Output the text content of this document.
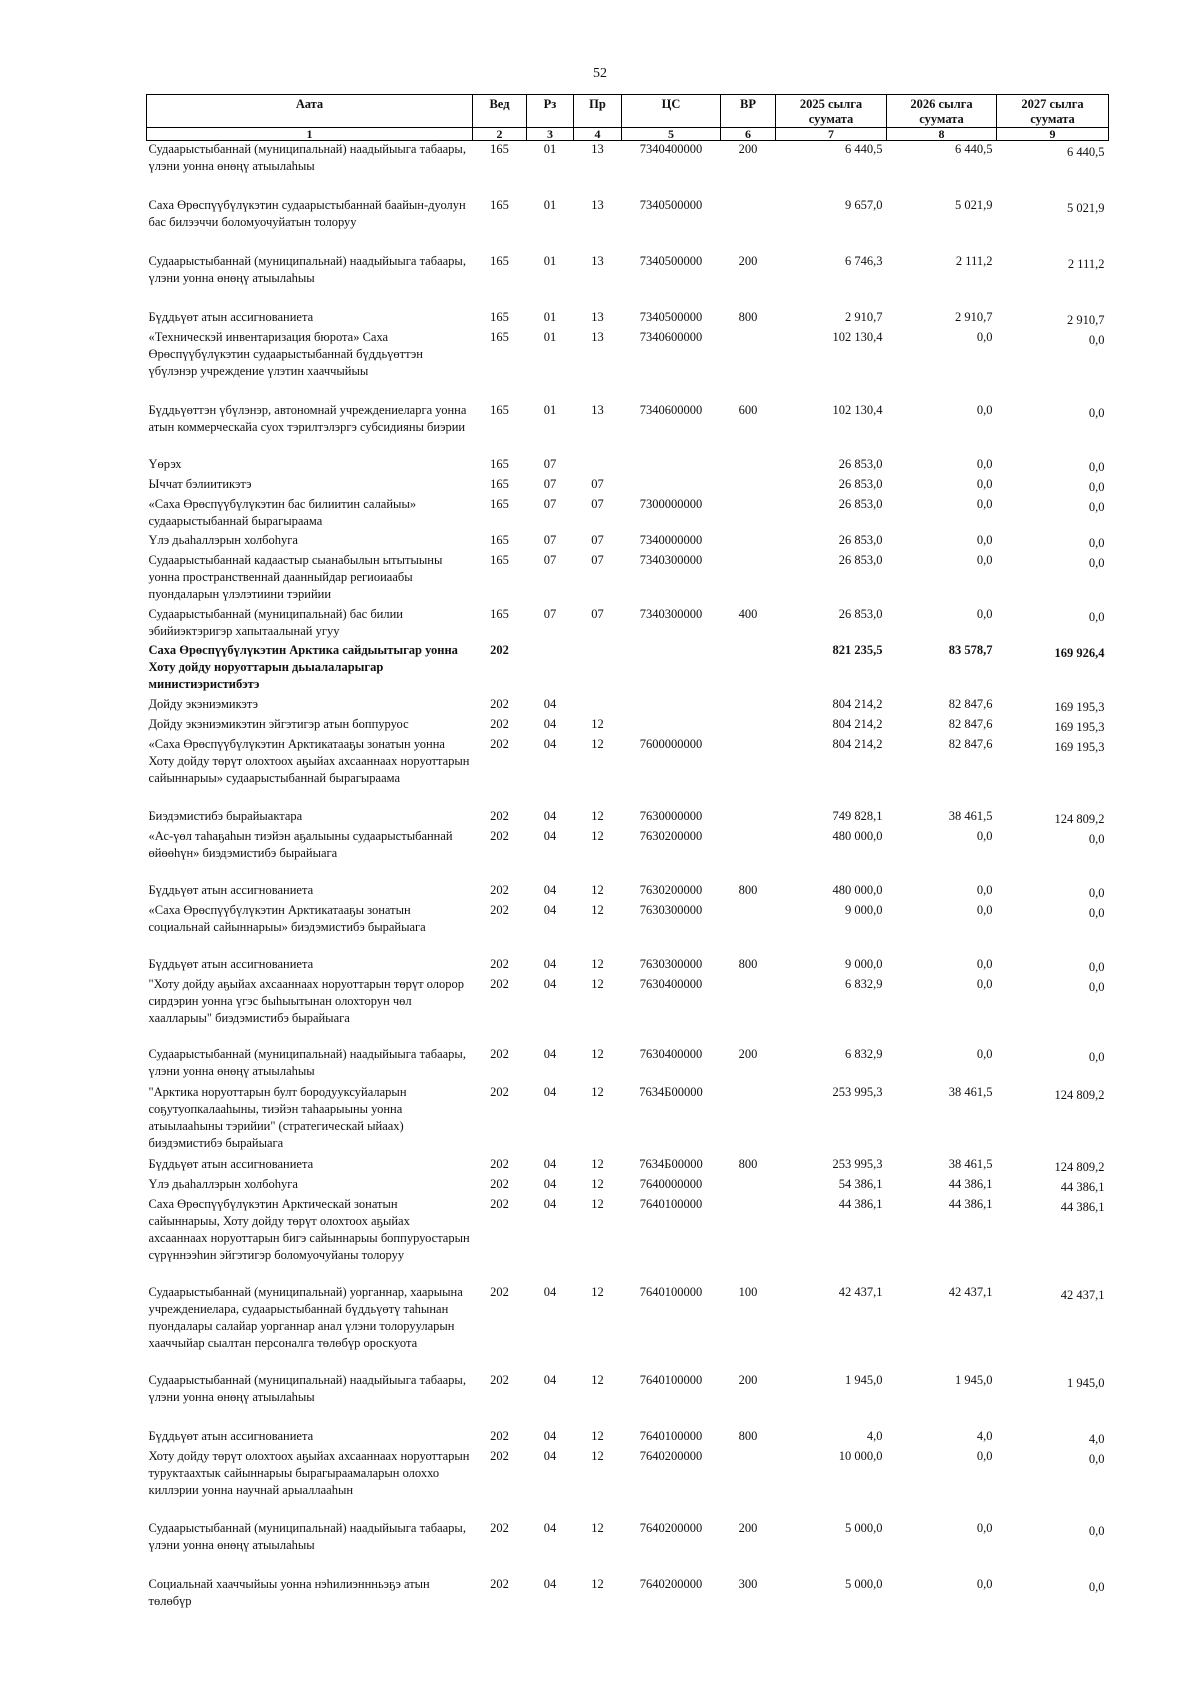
52
Аата	Вед	Рз	Пр	ЦС	ВР	2025 сылга суумата	2026 сылга суумата	2027 сылга суумата
1	2	3	4	5	6	7	8	9
Судаарыстыбаннай (муниципальнай) наадыйыыга табаары, үлэни уонна өнөңү атыылаһыы	165	01	13	7340400000	200	6 440,5	6 440,5	6 440,5
Саха Өрөспүүбүлүкэтин судаарыстыбаннай баайын-дуолун бас билээччи боломуочуйатын толоруу	165	01	13	7340500000		9 657,0	5 021,9	5 021,9
Судаарыстыбаннай (муниципальнай) наадыйыыга табаары, үлэни уонна өнөңү атыылаһыы	165	01	13	7340500000	200	6 746,3	2 111,2	2 111,2
Бүддьүөт атын ассигнованиета	165	01	13	7340500000	800	2 910,7	2 910,7	2 910,7
«Техническэй инвентаризация бюрота» Саха Өрөспүүбүлүкэтин судаарыстыбаннай бүддьүөттэн үбүлэнэр учреждение үлэтин хааччыйыы	165	01	13	7340600000		102 130,4	0,0	0,0
Бүддьүөттэн үбүлэнэр, автономнай учреждениеларга уонна атын коммерческайа суох тэрилтэлэргэ субсидияны биэрии	165	01	13	7340600000	600	102 130,4	0,0	0,0
Үөрэх	165	07				26 853,0	0,0	0,0
Ыччат бэлиитикэтэ	165	07	07			26 853,0	0,0	0,0
«Саха Өрөспүүбүлүкэтин бас билиитин салайыы» судаарыстыбаннай бырагыраама	165	07	07	7300000000		26 853,0	0,0	0,0
Үлэ дьаһаллэрын холбоһуга	165	07	07	7340000000		26 853,0	0,0	0,0
Судаарыстыбаннай кадаастыр сыанабылын ытытыыны уонна пространственнай даанныйдар региоиаабы пуондаларын үлэлэтиини тэрийии	165	07	07	7340300000		26 853,0	0,0	0,0
Судаарыстыбаннай (муниципальнай) бас билии эбийиэктэригэр хапытаалынай угуу	165	07	07	7340300000	400	26 853,0	0,0	0,0
Саха Өрөспүүбүлүкэтин Арктика сайдыытыгар уонна Хоту дойду норуоттарын дьыалаларыгар министиэристибэтэ	202					821 235,5	83 578,7	169 926,4
Дойду экэниэмикэтэ	202	04				804 214,2	82 847,6	169 195,3
Дойду экэниэмикэтин эйгэтигэр атын боппуруос	202	04	12			804 214,2	82 847,6	169 195,3
«Саха Өрөспүүбүлүкэтин Арктикатааҕы зонатын уонна Хоту дойду төрүт олохтоох аҕыйах ахсааннаах норуоттарын сайыннарыы» судаарыстыбаннай бырагыраама	202	04	12	7600000000		804 214,2	82 847,6	169 195,3
Биэдэмистибэ бырайыактара	202	04	12	7630000000		749 828,1	38 461,5	124 809,2
«Ас-үөл таһаҕаһын тиэйэн аҕалыыны судаарыстыбаннай өйөөһүн» биэдэмистибэ бырайыага	202	04	12	7630200000		480 000,0	0,0	0,0
Бүддьүөт атын ассигнованиета	202	04	12	7630200000	800	480 000,0	0,0	0,0
«Саха Өрөспүүбүлүкэтин Арктикатааҕы зонатын социальнай сайыннарыы» биэдэмистибэ бырайыага	202	04	12	7630300000		9 000,0	0,0	0,0
Бүддьүөт атын ассигнованиета	202	04	12	7630300000	800	9 000,0	0,0	0,0
"Хоту дойду аҕыйах ахсааннаах норуоттарын төрүт олорор сирдэрин уонна үгэс быһыытынан олохторун чөл хаалларыы" биэдэмистибэ бырайыага	202	04	12	7630400000		6 832,9	0,0	0,0
Судаарыстыбаннай (муниципальнай) наадыйыыга табаары, үлэни уонна өнөңү атыылаһыы	202	04	12	7630400000	200	6 832,9	0,0	0,0
"Арктика норуоттарын булт бородууксуйаларын соҕутуопкалааһыны, тиэйэн таһаарыыны уонна атыылааһыны тэрийии" (стратегическай ыйаах) биэдэмистибэ бырайыага	202	04	12	7634Б00000		253 995,3	38 461,5	124 809,2
Бүддьүөт атын ассигнованиета	202	04	12	7634Б00000	800	253 995,3	38 461,5	124 809,2
Үлэ дьаһаллэрын холбоһуга	202	04	12	7640000000		54 386,1	44 386,1	44 386,1
Саха Өрөспүүбүлүкэтин Арктическай зонатын сайыннарыы, Хоту дойду төрүт олохтоох аҕыйах ахсааннаах норуоттарын бигэ сайыннарыы боппуруостарын сүрүннээһин эйгэтигэр боломуочуйаны толоруу	202	04	12	7640100000		44 386,1	44 386,1	44 386,1
Судаарыстыбаннай (муниципальнай) уорганнар, хаарыына учреждениелара, судаарыстыбаннай бүддьүөтү таһынан пуондалары салайар уорганнар анал үлэни толорууларын хааччыйар сыалтан персоналга төлөбүр ороскуота	202	04	12	7640100000	100	42 437,1	42 437,1	42 437,1
Судаарыстыбаннай (муниципальнай) наадыйыыга табаары, үлэни уонна өнөңү атыылаһыы	202	04	12	7640100000	200	1 945,0	1 945,0	1 945,0
Бүддьүөт атын ассигнованиета	202	04	12	7640100000	800	4,0	4,0	4,0
Хоту дойду төрүт олохтоох аҕыйах ахсааннаах норуоттарын туруктаахтык сайыннарыы бырагыраамаларын олоххо киллэрии уонна научнай арыаллааһын	202	04	12	7640200000		10 000,0	0,0	0,0
Судаарыстыбаннай (муниципальнай) наадыйыыга табаары, үлэни уонна өнөңү атыылаһыы	202	04	12	7640200000	200	5 000,0	0,0	0,0
Социальнай хааччыйыы уонна нэһилиэннньэҕэ атын төлөбүр	202	04	12	7640200000	300	5 000,0	0,0	0,0
